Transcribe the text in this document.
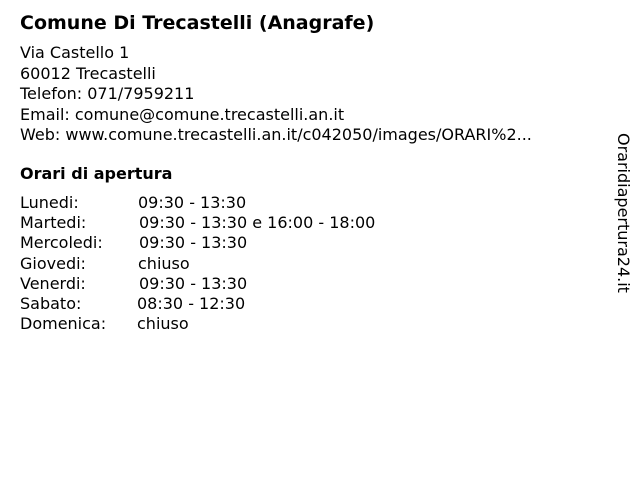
Comune Di Trecastelli (Anagrafe)
Via Castello 1
60012 Trecastelli
Telefon: 071/7959211
Email: comune@comune.trecastelli.an.it
Web: www.comune.trecastelli.an.it/c042050/images/ORARI%2...
Orari di apertura
Lunedi:	09:30 - 13:30
Martedi:	09:30 - 13:30 e 16:00 - 18:00
Mercoledi: 09:30 - 13:30
Giovedi:	chiuso
Venerdi:	09:30 - 13:30
Sabato:	08:30 - 12:30
Domenica: chiuso
Oraridiapertura24.it
